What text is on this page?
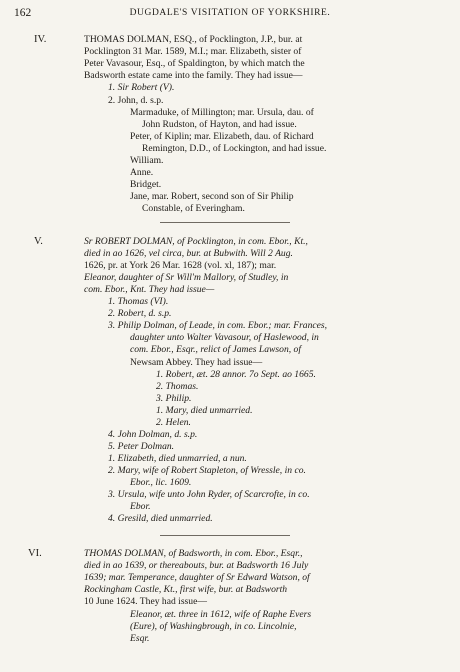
162	DUGDALE'S VISITATION OF YORKSHIRE.
IV.	THOMAS DOLMAN, ESQ., of Pocklington, J.P., bur. at
Pocklington 31 Mar. 1589, M.I.; mar. Elizabeth, sister of
Peter Vavasour, Esq., of Spaldington, by which match the
Badsworth estate came into the family. They had issue—
1. Sir Robert (V).
2. John, d. s.p.
Marmaduke, of Millington; mar. Ursula, dau. of
John Rudston, of Hayton, and had issue.
Peter, of Kiplin; mar. Elizabeth, dau. of Richard
Remington, D.D., of Lockington, and had issue.
William.
Anne.
Bridget.
Jane, mar. Robert, second son of Sir Philip
Constable, of Everingham.
V.	Sr ROBERT DOLMAN, of Pocklington, in com. Ebor., Kt.,
died in ao 1626, vel circa, bur. at Bubwith. Will 2 Aug.
1626, pr. at York 26 Mar. 1628 (vol. xl, 187); mar.
Eleanor, daughter of Sr Will'm Mallory, of Studley, in
com. Ebor., Knt. They had issue—
1. Thomas (VI).
2. Robert, d. s.p.
3. Philip Dolman, of Leade, in com. Ebor.; mar. Frances,
daughter unto Walter Vavasour, of Haslewood, in
com. Ebor., Esqr., relict of James Lawson, of
Newsam Abbey. They had issue—
1. Robert, æt. 28 annor. 7o Sept. ao 1665.
2. Thomas.
3. Philip.
1. Mary, died unmarried.
2. Helen.
4. John Dolman, d. s.p.
5. Peter Dolman.
1. Elizabeth, died unmarried, a nun.
2. Mary, wife of Robert Stapleton, of Wressle, in co.
Ebor., lic. 1609.
3. Ursula, wife unto John Ryder, of Scarcrofte, in co.
Ebor.
4. Gresild, died unmarried.
VI.	THOMAS DOLMAN, of Badsworth, in com. Ebor., Esqr.,
died in ao 1639, or thereabouts, bur. at Badsworth 16 July
1639; mar. Temperance, daughter of Sr Edward Watson, of
Rockingham Castle, Kt., first wife, bur. at Badsworth
10 June 1624. They had issue—
Eleanor, æt. three in 1612, wife of Raphe Evers
(Eure), of Washingbrough, in co. Lincolnie,
Esqr.
